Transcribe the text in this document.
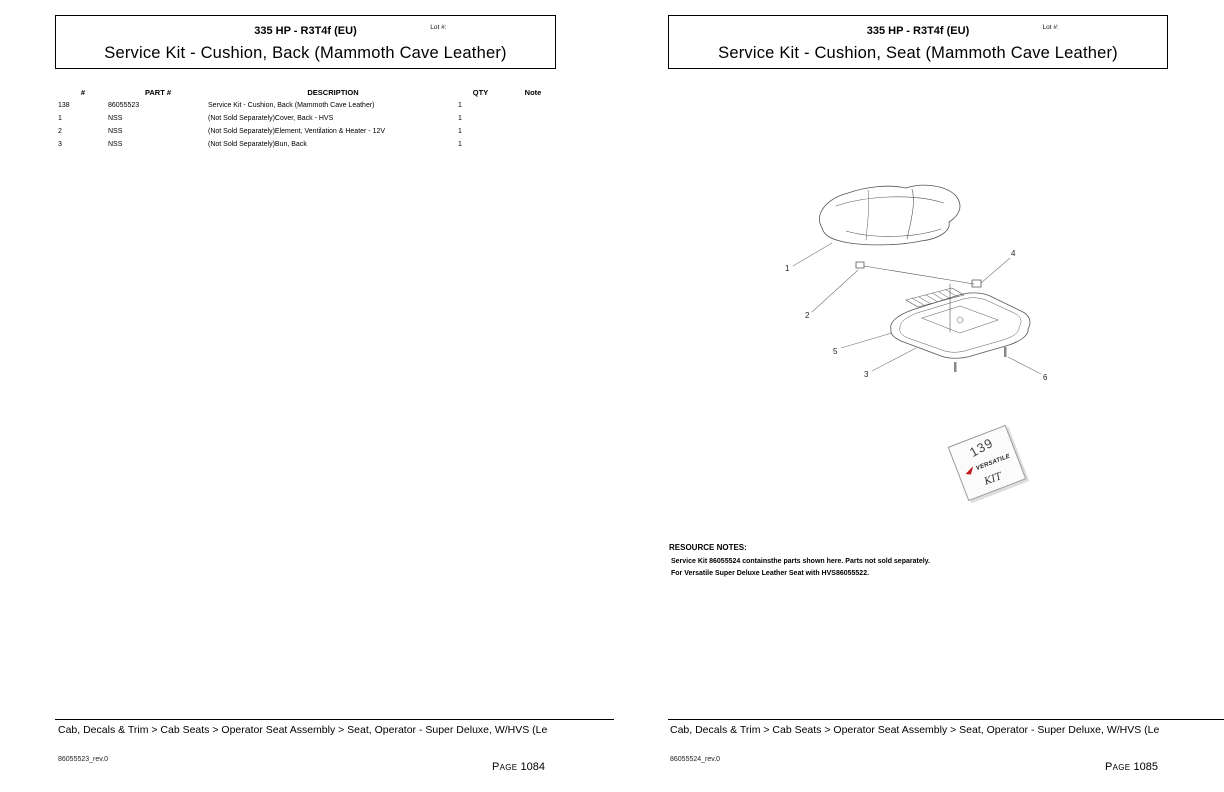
335 HP - R3T4f (EU)	Lot #:
Service Kit - Cushion, Back (Mammoth Cave Leather)
#	PART #	DESCRIPTION	QTY	Note
138	86055523	Service Kit - Cushion, Back (Mammoth Cave Leather)	1
1	NSS	(Not Sold Separately)Cover, Back - HVS	1
2	NSS	(Not Sold Separately)Element, Ventilation & Heater - 12V	1
3	NSS	(Not Sold Separately)Bun, Back	1
Cab, Decals & Trim > Cab Seats > Operator Seat Assembly > Seat, Operator - Super Deluxe, W/HVS (Le
86055523_rev.0
Page 1084
335 HP - R3T4f (EU)	Lot #:
Service Kit - Cushion, Seat (Mammoth Cave Leather)
1
2
3
4
5
6
139
VERSATILE
KIT
RESOURCE NOTES:
Service Kit 86055524 containsthe parts shown here. Parts not sold separately.
For Versatile Super Deluxe Leather Seat with HVS86055522.
Cab, Decals & Trim > Cab Seats > Operator Seat Assembly > Seat, Operator - Super Deluxe, W/HVS (Le
86055524_rev.0
Page 1085
